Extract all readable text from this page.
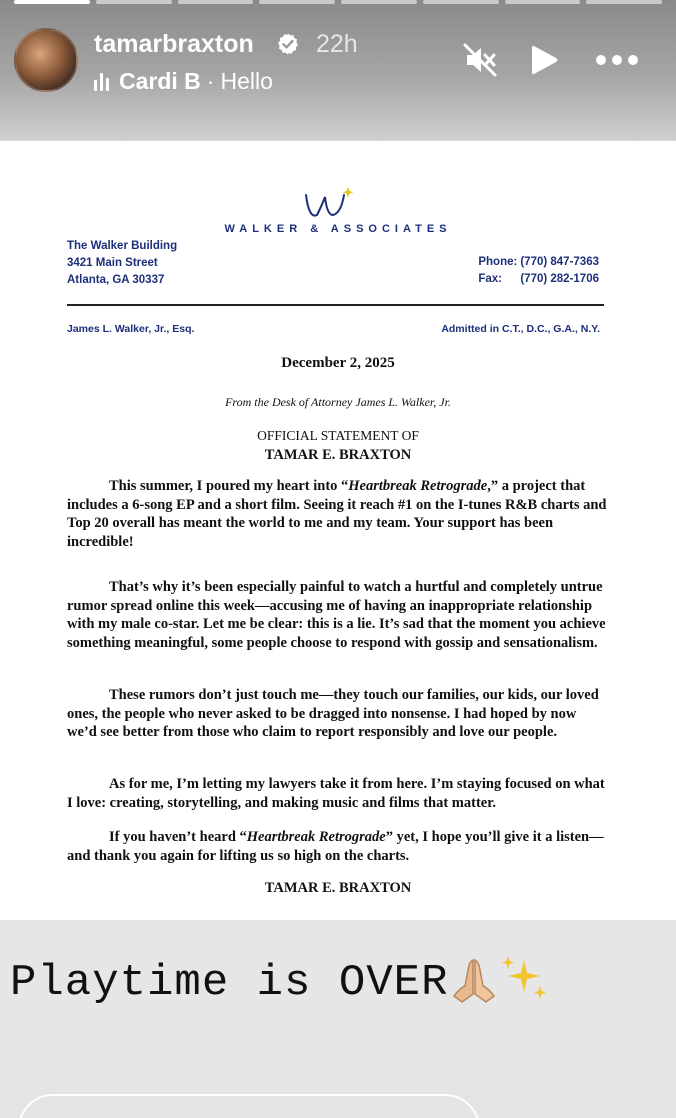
tamarbraxton 22h
Cardi B · Hello
WALKER & ASSOCIATES
The Walker Building
3421 Main Street
Atlanta, GA 30337
Phone: (770) 847-7363
Fax: (770) 282-1706
James L. Walker, Jr., Esq.	Admitted in C.T., D.C., G.A., N.Y.
December 2, 2025
From the Desk of Attorney James L. Walker, Jr.
OFFICIAL STATEMENT OF
TAMAR E. BRAXTON

This summer, I poured my heart into “Heartbreak Retrograde,” a project that includes a 6-song EP and a short film. Seeing it reach #1 on the I-tunes R&B charts and Top 20 overall has meant the world to me and my team. Your support has been incredible!

That’s why it’s been especially painful to watch a hurtful and completely untrue rumor spread online this week—accusing me of having an inappropriate relationship with my male co-star. Let me be clear: this is a lie. It’s sad that the moment you achieve something meaningful, some people choose to respond with gossip and sensationalism.

These rumors don’t just touch me—they touch our families, our kids, our loved ones, the people who never asked to be dragged into nonsense. I had hoped by now we’d see better from those who claim to report responsibly and love our people.

As for me, I’m letting my lawyers take it from here. I’m staying focused on what I love: creating, storytelling, and making music and films that matter.

If you haven’t heard “Heartbreak Retrograde” yet, I hope you’ll give it a listen—and thank you again for lifting us so high on the charts.

TAMAR E. BRAXTON
Playtime is OVER
